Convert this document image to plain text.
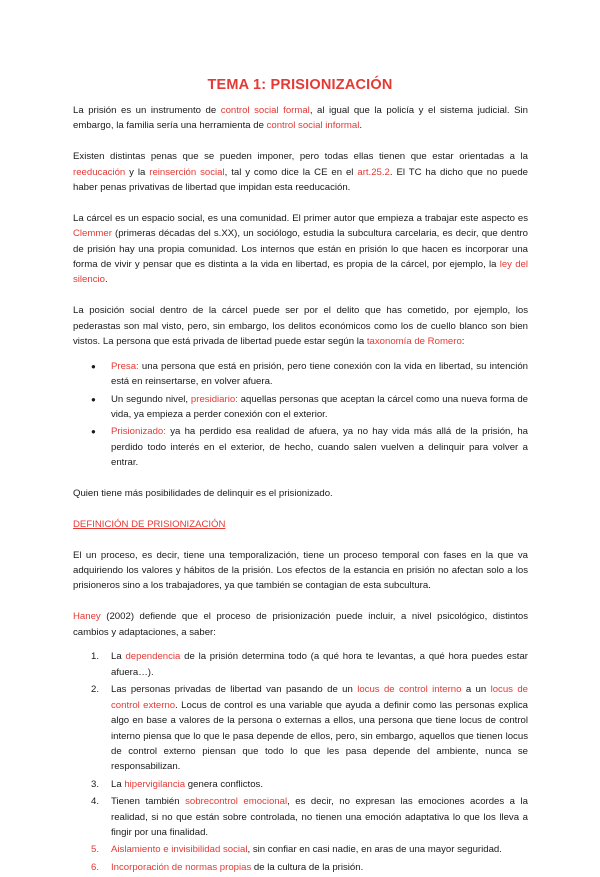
TEMA 1: PRISIONIZACIÓN

La prisión es un instrumento de control social formal, al igual que la policía y el sistema judicial. Sin embargo, la familia sería una herramienta de control social informal.

Existen distintas penas que se pueden imponer, pero todas ellas tienen que estar orientadas a la reeducación y la reinserción social, tal y como dice la CE en el art.25.2. El TC ha dicho que no puede haber penas privativas de libertad que impidan esta reeducación.

La cárcel es un espacio social, es una comunidad. El primer autor que empieza a trabajar este aspecto es Clemmer (primeras décadas del s.XX), un sociólogo, estudia la subcultura carcelaria, es decir, que dentro de prisión hay una propia comunidad. Los internos que están en prisión lo que hacen es incorporar una forma de vivir y pensar que es distinta a la vida en libertad, es propia de la cárcel, por ejemplo, la ley del silencio.

La posición social dentro de la cárcel puede ser por el delito que has cometido, por ejemplo, los pederastas son mal visto, pero, sin embargo, los delitos económicos como los de cuello blanco son bien vistos. La persona que está privada de libertad puede estar según la taxonomía de Romero:

● Presa: una persona que está en prisión, pero tiene conexión con la vida en libertad, su intención está en reinsertarse, en volver afuera.
● Un segundo nivel, presidiario: aquellas personas que aceptan la cárcel como una nueva forma de vida, ya empieza a perder conexión con el exterior.
● Prisionizado: ya ha perdido esa realidad de afuera, ya no hay vida más allá de la prisión, ha perdido todo interés en el exterior, de hecho, cuando salen vuelven a delinquir para volver a entrar.

Quien tiene más posibilidades de delinquir es el prisionizado.

DEFINICIÓN DE PRISIONIZACIÓN

El un proceso, es decir, tiene una temporalización, tiene un proceso temporal con fases en la que va adquiriendo los valores y hábitos de la prisión. Los efectos de la estancia en prisión no afectan solo a los prisioneros sino a los trabajadores, ya que también se contagian de esta subcultura.

Haney (2002) defiende que el proceso de prisionización puede incluir, a nivel psicológico, distintos cambios y adaptaciones, a saber:

1. La dependencia de la prisión determina todo (a qué hora te levantas, a qué hora puedes estar afuera…).
2. Las personas privadas de libertad van pasando de un locus de control interno a un locus de control externo. Locus de control es una variable que ayuda a definir como las personas explica algo en base a valores de la persona o externas a ellos, una persona que tiene locus de control interno piensa que lo que le pasa depende de ellos, pero, sin embargo, aquellos que tienen locus de control externo piensan que todo lo que les pasa depende del ambiente, nunca se responsabilizan.
3. La hipervigilancia genera conflictos.
4. Tienen también sobrecontrol emocional, es decir, no expresan las emociones acordes a la realidad, si no que están sobre controlada, no tienen una emoción adaptativa lo que los lleva a fingir por una finalidad.
5. Aislamiento e invisibilidad social, sin confiar en casi nadie, en aras de una mayor seguridad.
6. Incorporación de normas propias de la cultura de la prisión.
